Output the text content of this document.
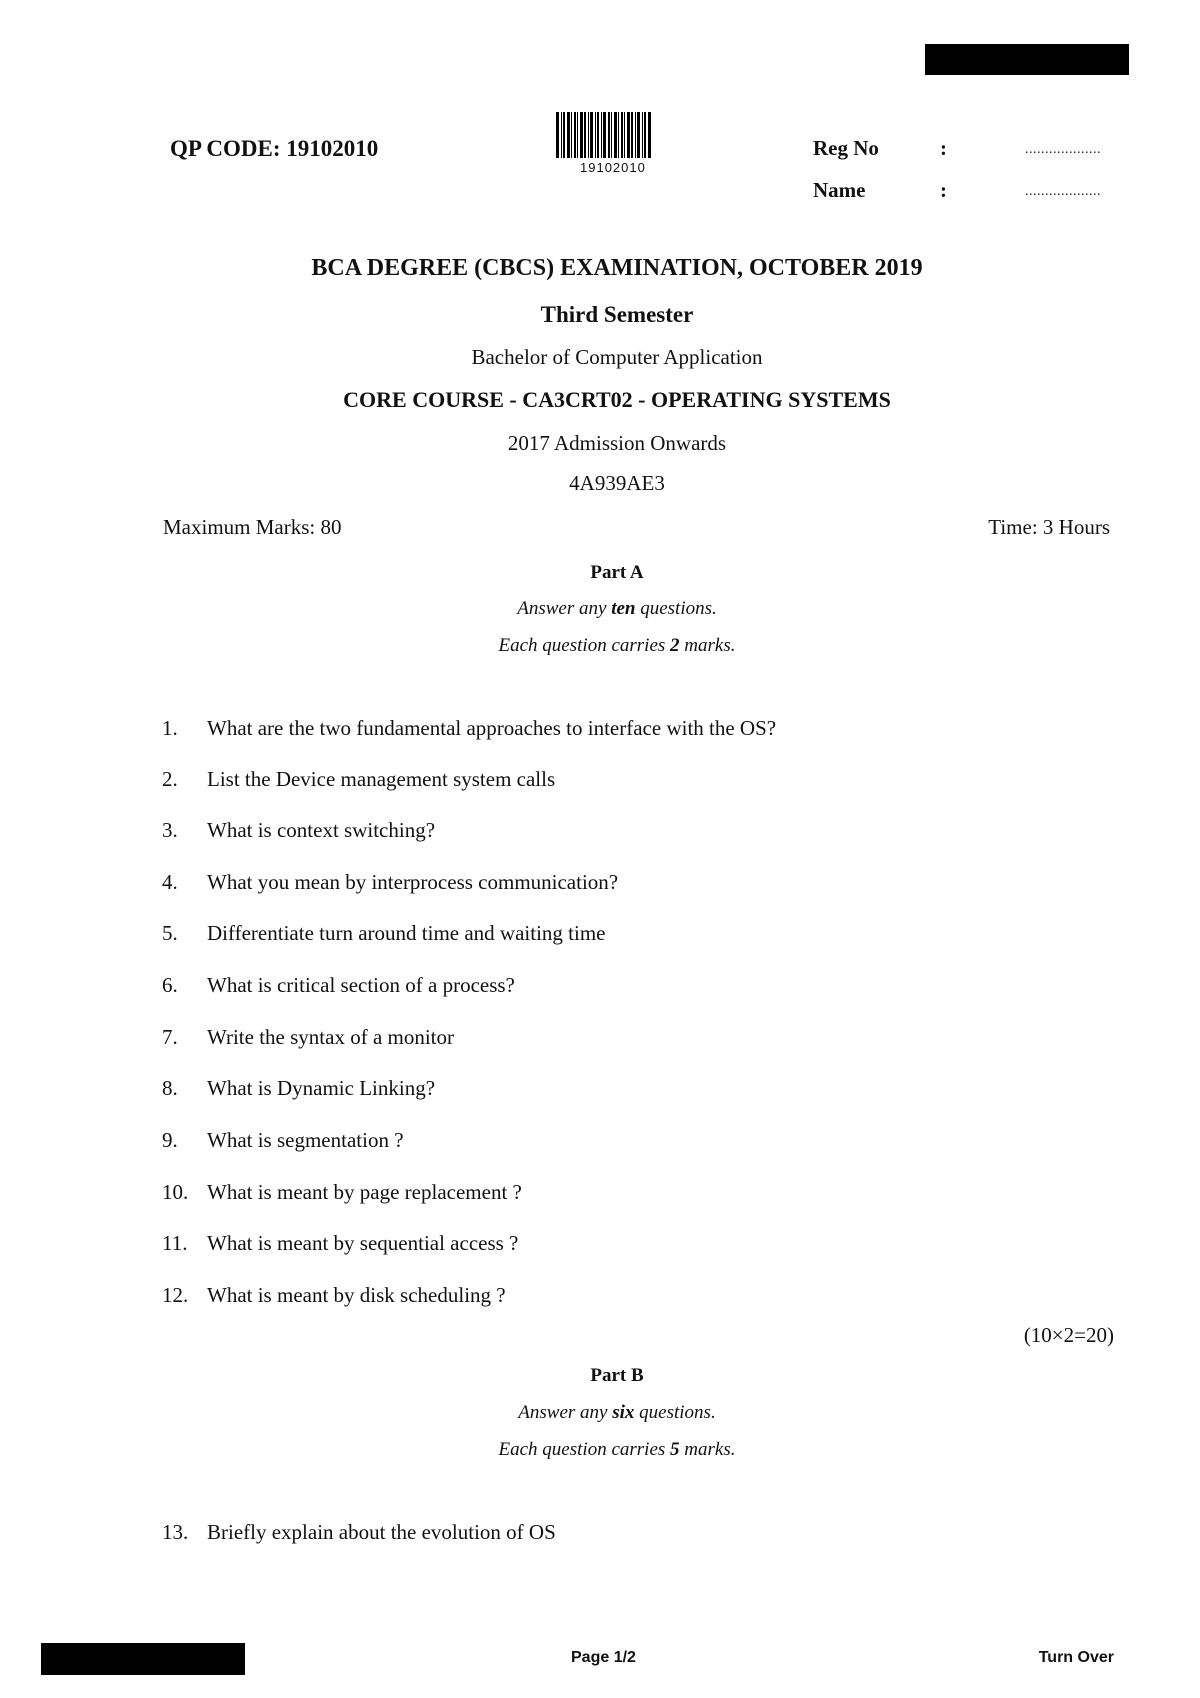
QP CODE: 19102010
19102010
Reg No	:	...................
Name	:	...................
BCA DEGREE (CBCS) EXAMINATION, OCTOBER 2019
Third Semester
Bachelor of Computer Application
CORE COURSE - CA3CRT02 - OPERATING SYSTEMS
2017 Admission Onwards
4A939AE3
Maximum Marks: 80	Time: 3 Hours
Part A
Answer any ten questions.
Each question carries 2 marks.
1. What are the two fundamental approaches to interface with the OS?
2. List the Device management system calls
3. What is context switching?
4. What you mean by interprocess communication?
5. Differentiate turn around time and waiting time
6. What is critical section of a process?
7. Write the syntax of a monitor
8. What is Dynamic Linking?
9. What is segmentation ?
10. What is meant by page replacement ?
11. What is meant by sequential access ?
12. What is meant by disk scheduling ?
(10×2=20)
Part B
Answer any six questions.
Each question carries 5 marks.
13. Briefly explain about the evolution of OS
Page 1/2	Turn Over
